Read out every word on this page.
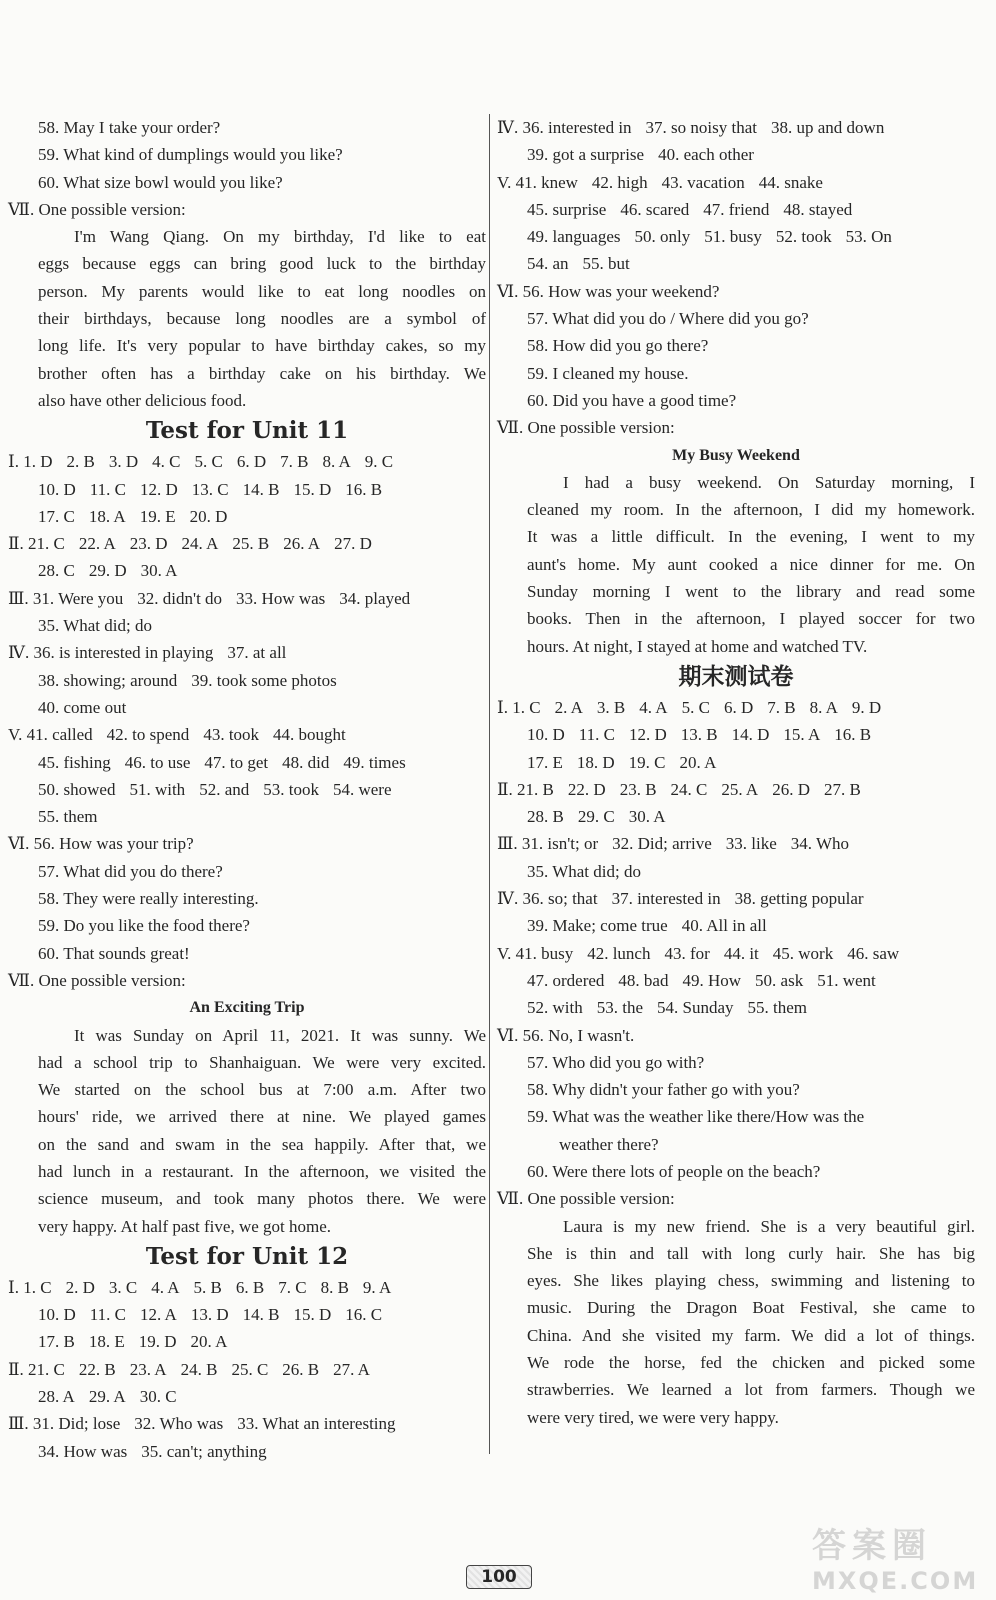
58. May I take your order?
59. What kind of dumplings would you like?
60. What size bowl would you like?
Ⅶ. One possible version:
I'm Wang Qiang. On my birthday, I'd like to eat
eggs because eggs can bring good luck to the birthday
person. My parents would like to eat long noodles on
their birthdays, because long noodles are a symbol of
long life. It's very popular to have birthday cakes, so my
brother often has a birthday cake on his birthday. We
also have other delicious food.
Test for Unit 11
Ⅰ. 1. D 2. B 3. D 4. C 5. C 6. D 7. B 8. A 9. C
10. D 11. C 12. D 13. C 14. B 15. D 16. B
17. C 18. A 19. E 20. D
Ⅱ. 21. C 22. A 23. D 24. A 25. B 26. A 27. D
28. C 29. D 30. A
Ⅲ. 31. Were you 32. didn't do 33. How was 34. played
35. What did; do
Ⅳ. 36. is interested in playing 37. at all
38. showing; around 39. took some photos
40. come out
V. 41. called 42. to spend 43. took 44. bought
45. fishing 46. to use 47. to get 48. did 49. times
50. showed 51. with 52. and 53. took 54. were
55. them
Ⅵ. 56. How was your trip?
57. What did you do there?
58. They were really interesting.
59. Do you like the food there?
60. That sounds great!
Ⅶ. One possible version:
An Exciting Trip
It was Sunday on April 11, 2021. It was sunny. We
had a school trip to Shanhaiguan. We were very excited.
We started on the school bus at 7:00 a.m. After two
hours' ride, we arrived there at nine. We played games
on the sand and swam in the sea happily. After that, we
had lunch in a restaurant. In the afternoon, we visited the
science museum, and took many photos there. We were
very happy. At half past five, we got home.
Test for Unit 12
Ⅰ. 1. C 2. D 3. C 4. A 5. B 6. B 7. C 8. B 9. A
10. D 11. C 12. A 13. D 14. B 15. D 16. C
17. B 18. E 19. D 20. A
Ⅱ. 21. C 22. B 23. A 24. B 25. C 26. B 27. A
28. A 29. A 30. C
Ⅲ. 31. Did; lose 32. Who was 33. What an interesting
34. How was 35. can't; anything
Ⅳ. 36. interested in 37. so noisy that 38. up and down
39. got a surprise 40. each other
V. 41. knew 42. high 43. vacation 44. snake
45. surprise 46. scared 47. friend 48. stayed
49. languages 50. only 51. busy 52. took 53. On
54. an 55. but
Ⅵ. 56. How was your weekend?
57. What did you do / Where did you go?
58. How did you go there?
59. I cleaned my house.
60. Did you have a good time?
Ⅶ. One possible version:
My Busy Weekend
I had a busy weekend. On Saturday morning, I
cleaned my room. In the afternoon, I did my homework.
It was a little difficult. In the evening, I went to my
aunt's home. My aunt cooked a nice dinner for me. On
Sunday morning I went to the library and read some
books. Then in the afternoon, I played soccer for two
hours. At night, I stayed at home and watched TV.
期末测试卷
Ⅰ. 1. C 2. A 3. B 4. A 5. C 6. D 7. B 8. A 9. D
10. D 11. C 12. D 13. B 14. D 15. A 16. B
17. E 18. D 19. C 20. A
Ⅱ. 21. B 22. D 23. B 24. C 25. A 26. D 27. B
28. B 29. C 30. A
Ⅲ. 31. isn't; or 32. Did; arrive 33. like 34. Who
35. What did; do
Ⅳ. 36. so; that 37. interested in 38. getting popular
39. Make; come true 40. All in all
V. 41. busy 42. lunch 43. for 44. it 45. work 46. saw
47. ordered 48. bad 49. How 50. ask 51. went
52. with 53. the 54. Sunday 55. them
Ⅵ. 56. No, I wasn't.
57. Who did you go with?
58. Why didn't your father go with you?
59. What was the weather like there/How was the
weather there?
60. Were there lots of people on the beach?
Ⅶ. One possible version:
Laura is my new friend. She is a very beautiful girl.
She is thin and tall with long curly hair. She has big
eyes. She likes playing chess, swimming and listening to
music. During the Dragon Boat Festival, she came to
China. And she visited my farm. We did a lot of things.
We rode the horse, fed the chicken and picked some
strawberries. We learned a lot from farmers. Though we
were very tired, we were very happy.
100
答案圈
MXQE.COM
